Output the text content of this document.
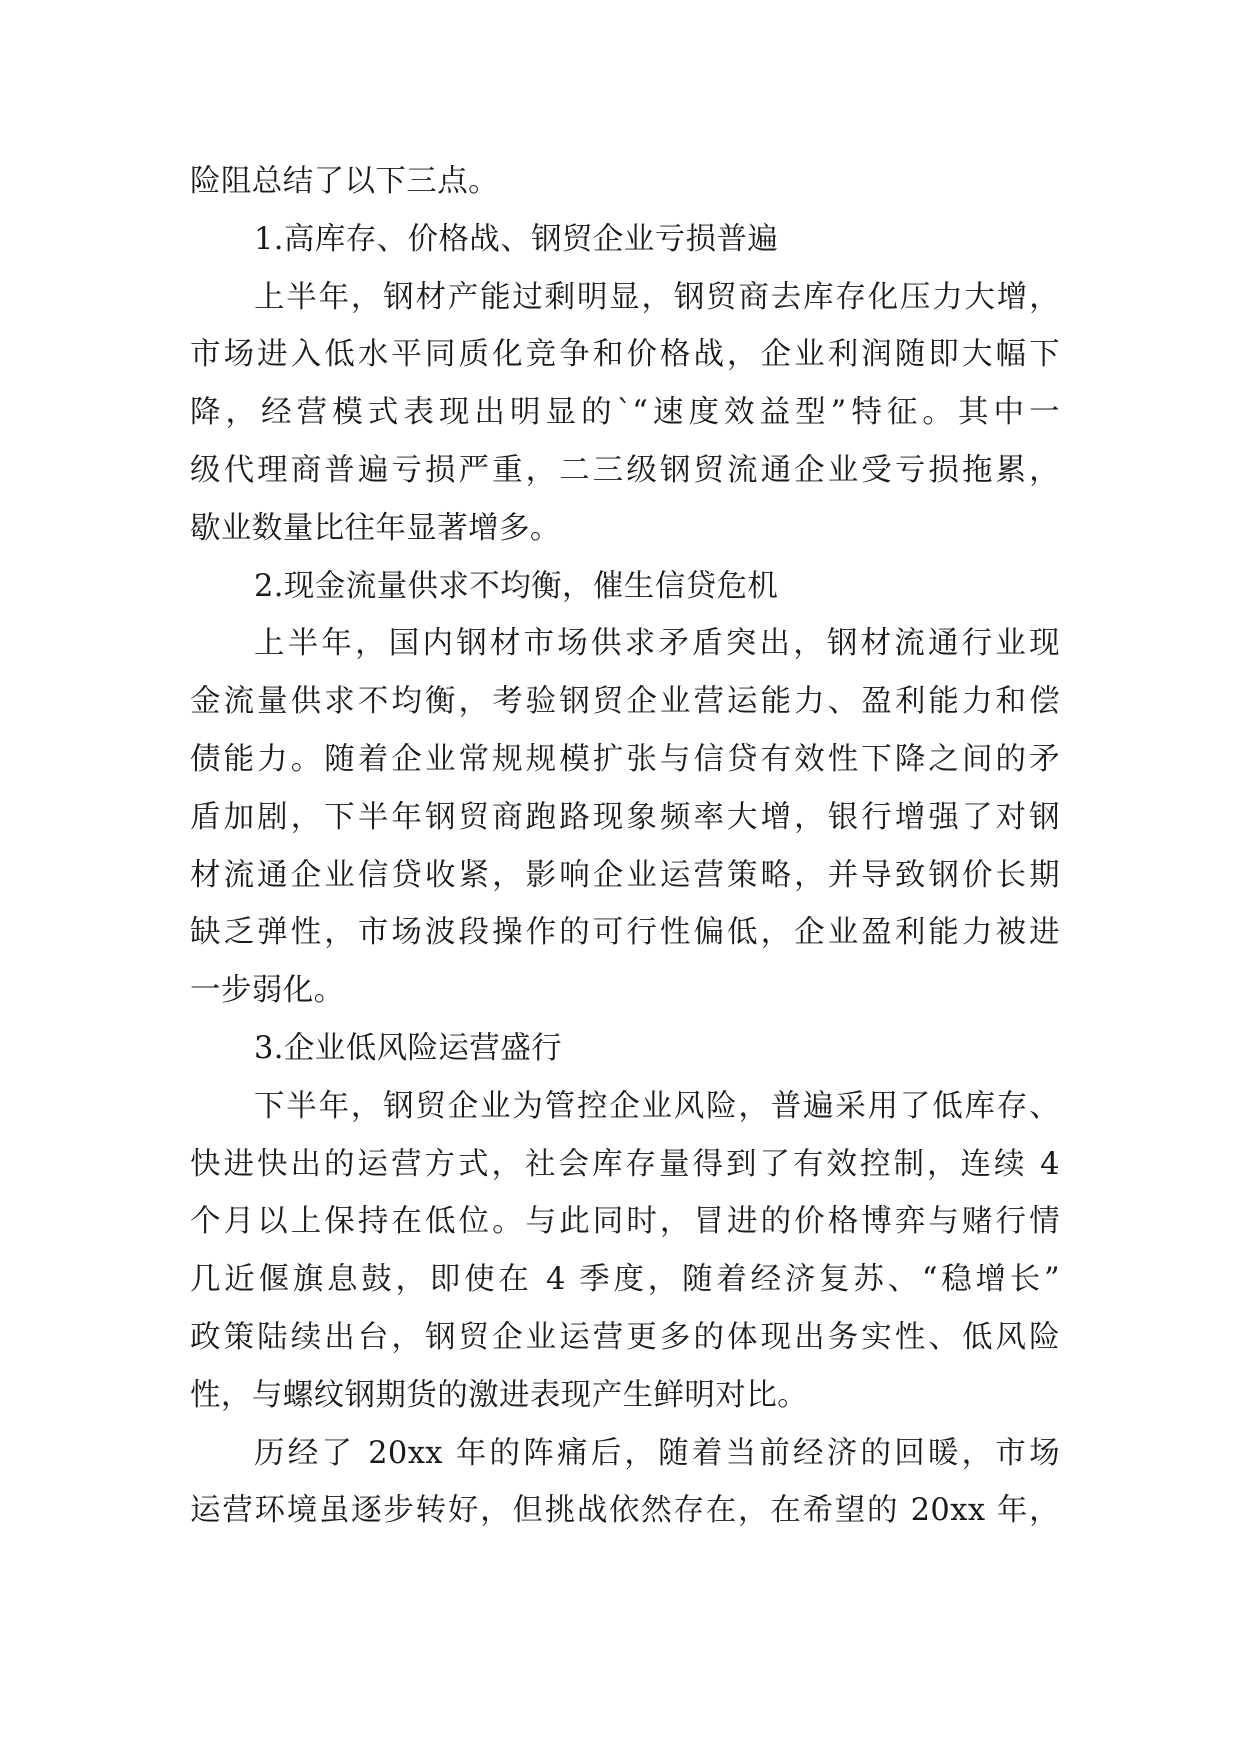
险阻总结了以下三点。
1.高库存、价格战、钢贸企业亏损普遍
上半年，钢材产能过剩明显，钢贸商去库存化压力大增，
市场进入低水平同质化竞争和价格战，企业利润随即大幅下
降，经营模式表现出明显的`“速度效益型”特征。其中一
级代理商普遍亏损严重，二三级钢贸流通企业受亏损拖累，
歇业数量比往年显著增多。
2.现金流量供求不均衡，催生信贷危机
上半年，国内钢材市场供求矛盾突出，钢材流通行业现
金流量供求不均衡，考验钢贸企业营运能力、盈利能力和偿
债能力。随着企业常规规模扩张与信贷有效性下降之间的矛
盾加剧，下半年钢贸商跑路现象频率大增，银行增强了对钢
材流通企业信贷收紧，影响企业运营策略，并导致钢价长期
缺乏弹性，市场波段操作的可行性偏低，企业盈利能力被进
一步弱化。
3.企业低风险运营盛行
下半年，钢贸企业为管控企业风险，普遍采用了低库存、
快进快出的运营方式，社会库存量得到了有效控制，连续 4
个月以上保持在低位。与此同时，冒进的价格博弈与赌行情
几近偃旗息鼓，即使在 4 季度，随着经济复苏、“稳增长”
政策陆续出台，钢贸企业运营更多的体现出务实性、低风险
性，与螺纹钢期货的激进表现产生鲜明对比。
历经了 20xx 年的阵痛后，随着当前经济的回暖，市场
运营环境虽逐步转好，但挑战依然存在，在希望的 20xx 年，
